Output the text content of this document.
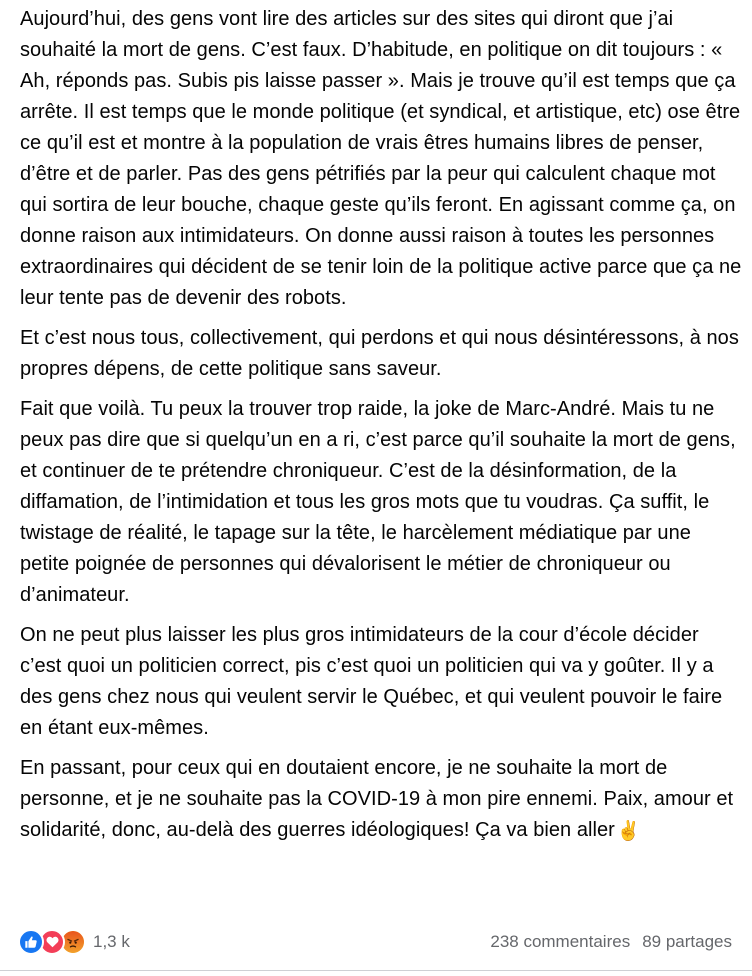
Aujourd’hui, des gens vont lire des articles sur des sites qui diront que j’ai souhaité la mort de gens. C’est faux. D’habitude, en politique on dit toujours : « Ah, réponds pas. Subis pis laisse passer ». Mais je trouve qu’il est temps que ça arrête. Il est temps que le monde politique (et syndical, et artistique, etc) ose être ce qu’il est et montre à la population de vrais êtres humains libres de penser, d’être et de parler. Pas des gens pétrifiés par la peur qui calculent chaque mot qui sortira de leur bouche, chaque geste qu’ils feront. En agissant comme ça, on donne raison aux intimidateurs. On donne aussi raison à toutes les personnes extraordinaires qui décident de se tenir loin de la politique active parce que ça ne leur tente pas de devenir des robots.

Et c’est nous tous, collectivement, qui perdons et qui nous désintéressons, à nos propres dépens, de cette politique sans saveur.

Fait que voilà. Tu peux la trouver trop raide, la joke de Marc-André. Mais tu ne peux pas dire que si quelqu’un en a ri, c’est parce qu’il souhaite la mort de gens, et continuer de te prétendre chroniqueur. C’est de la désinformation, de la diffamation, de l’intimidation et tous les gros mots que tu voudras. Ça suffit, le twistage de réalité, le tapage sur la tête, le harcèlement médiatique par une petite poignée de personnes qui dévalorisent le métier de chroniqueur ou d’animateur.

On ne peut plus laisser les plus gros intimidateurs de la cour d’école décider c’est quoi un politicien correct, pis c’est quoi un politicien qui va y goûter. Il y a des gens chez nous qui veulent servir le Québec, et qui veulent pouvoir le faire en étant eux-mêmes.

En passant, pour ceux qui en doutaient encore, je ne souhaite la mort de personne, et je ne souhaite pas la COVID-19 à mon pire ennemi. Paix, amour et solidarité, donc, au-delà des guerres idéologiques! Ça va bien aller ✌️

1,3 k	238 commentaires 89 partages
